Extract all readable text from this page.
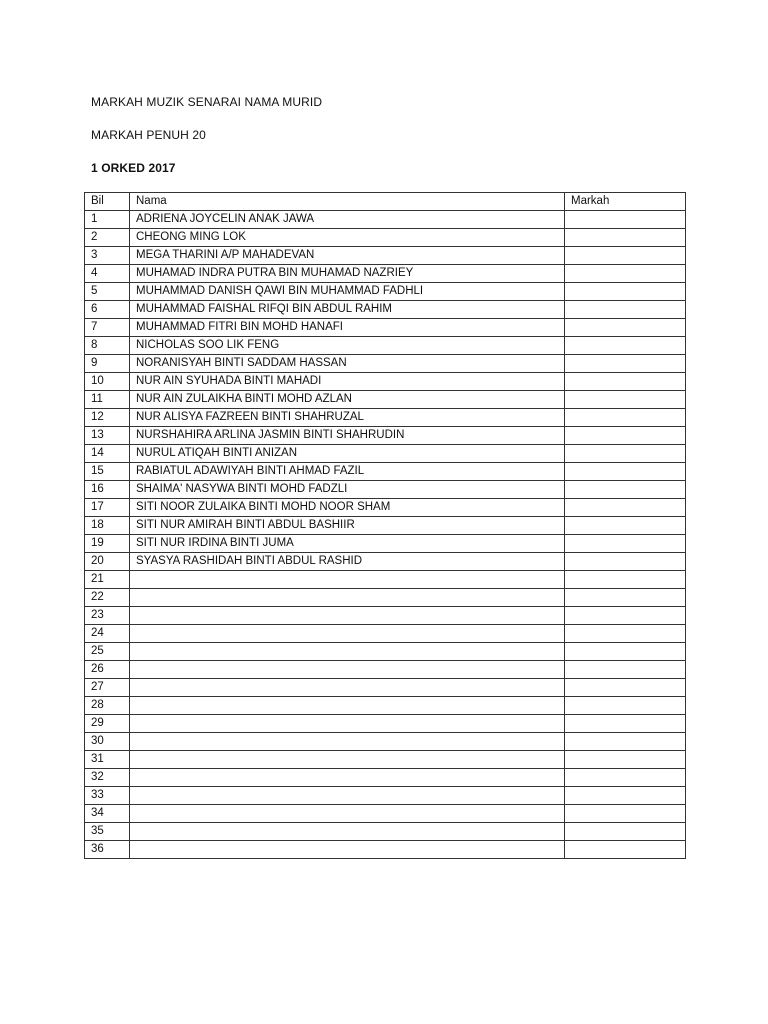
MARKAH MUZIK SENARAI NAMA MURID
MARKAH PENUH 20
1 ORKED 2017
Bil	Nama	Markah
1	ADRIENA JOYCELIN ANAK JAWA	
2	CHEONG MING LOK	
3	MEGA THARINI A/P MAHADEVAN	
4	MUHAMAD INDRA PUTRA BIN MUHAMAD NAZRIEY	
5	MUHAMMAD DANISH QAWI BIN MUHAMMAD FADHLI	
6	MUHAMMAD FAISHAL RIFQI BIN ABDUL RAHIM	
7	MUHAMMAD FITRI BIN MOHD HANAFI	
8	NICHOLAS SOO LIK FENG	
9	NORANISYAH BINTI SADDAM HASSAN	
10	NUR AIN SYUHADA BINTI MAHADI	
11	NUR AIN ZULAIKHA BINTI MOHD AZLAN	
12	NUR ALISYA FAZREEN BINTI SHAHRUZAL	
13	NURSHAHIRA ARLINA JASMIN BINTI SHAHRUDIN	
14	NURUL ATIQAH BINTI ANIZAN	
15	RABIATUL ADAWIYAH BINTI AHMAD FAZIL	
16	SHAIMA' NASYWA BINTI MOHD FADZLI	
17	SITI NOOR ZULAIKA BINTI MOHD NOOR SHAM	
18	SITI NUR AMIRAH BINTI ABDUL BASHIIR	
19	SITI NUR IRDINA BINTI JUMA	
20	SYASYA RASHIDAH BINTI ABDUL RASHID	
21		
22		
23		
24		
25		
26		
27		
28		
29		
30		
31		
32		
33		
34		
35		
36		
